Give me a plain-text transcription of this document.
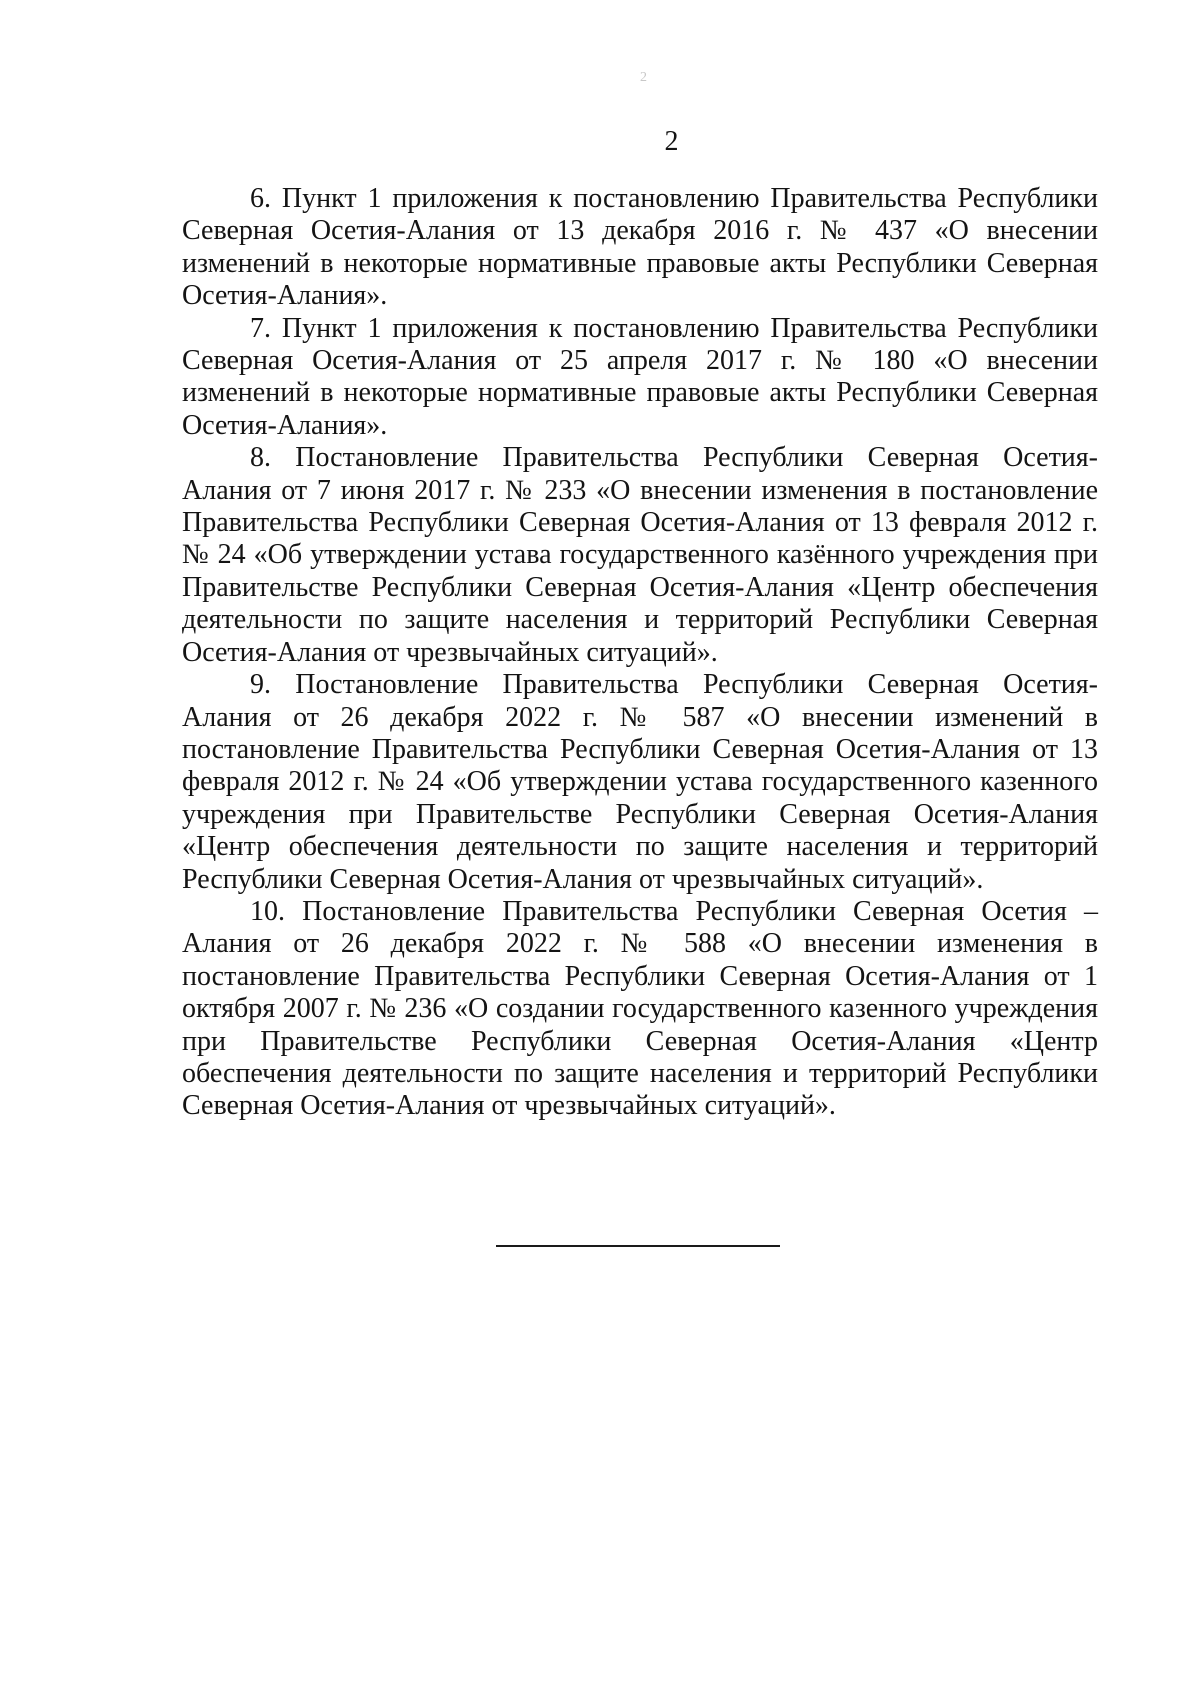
2
2

6. Пункт 1 приложения к постановлению Правительства Республики Северная Осетия-Алания от 13 декабря 2016 г. № 437 «О внесении изменений в некоторые нормативные правовые акты Республики Северная Осетия-Алания».

7. Пункт 1 приложения к постановлению Правительства Республики Северная Осетия-Алания от 25 апреля 2017 г. № 180 «О внесении изменений в некоторые нормативные правовые акты Республики Северная Осетия-Алания».

8. Постановление Правительства Республики Северная Осетия-Алания от 7 июня 2017 г. № 233 «О внесении изменения в постановление Правительства Республики Северная Осетия-Алания от 13 февраля 2012 г. № 24 «Об утверждении устава государственного казённого учреждения при Правительстве Республики Северная Осетия-Алания «Центр обеспечения деятельности по защите населения и территорий Республики Северная Осетия-Алания от чрезвычайных ситуаций».

9. Постановление Правительства Республики Северная Осетия-Алания от 26 декабря 2022 г. № 587 «О внесении изменений в постановление Правительства Республики Северная Осетия-Алания от 13 февраля 2012 г. № 24 «Об утверждении устава государственного казенного учреждения при Правительстве Республики Северная Осетия-Алания «Центр обеспечения деятельности по защите населения и территорий Республики Северная Осетия-Алания от чрезвычайных ситуаций».

10. Постановление Правительства Республики Северная Осетия – Алания от 26 декабря 2022 г. № 588 «О внесении изменения в постановление Правительства Республики Северная Осетия-Алания от 1 октября 2007 г. № 236 «О создании государственного казенного учреждения при Правительстве Республики Северная Осетия-Алания «Центр обеспечения деятельности по защите населения и территорий Республики Северная Осетия-Алания от чрезвычайных ситуаций».
